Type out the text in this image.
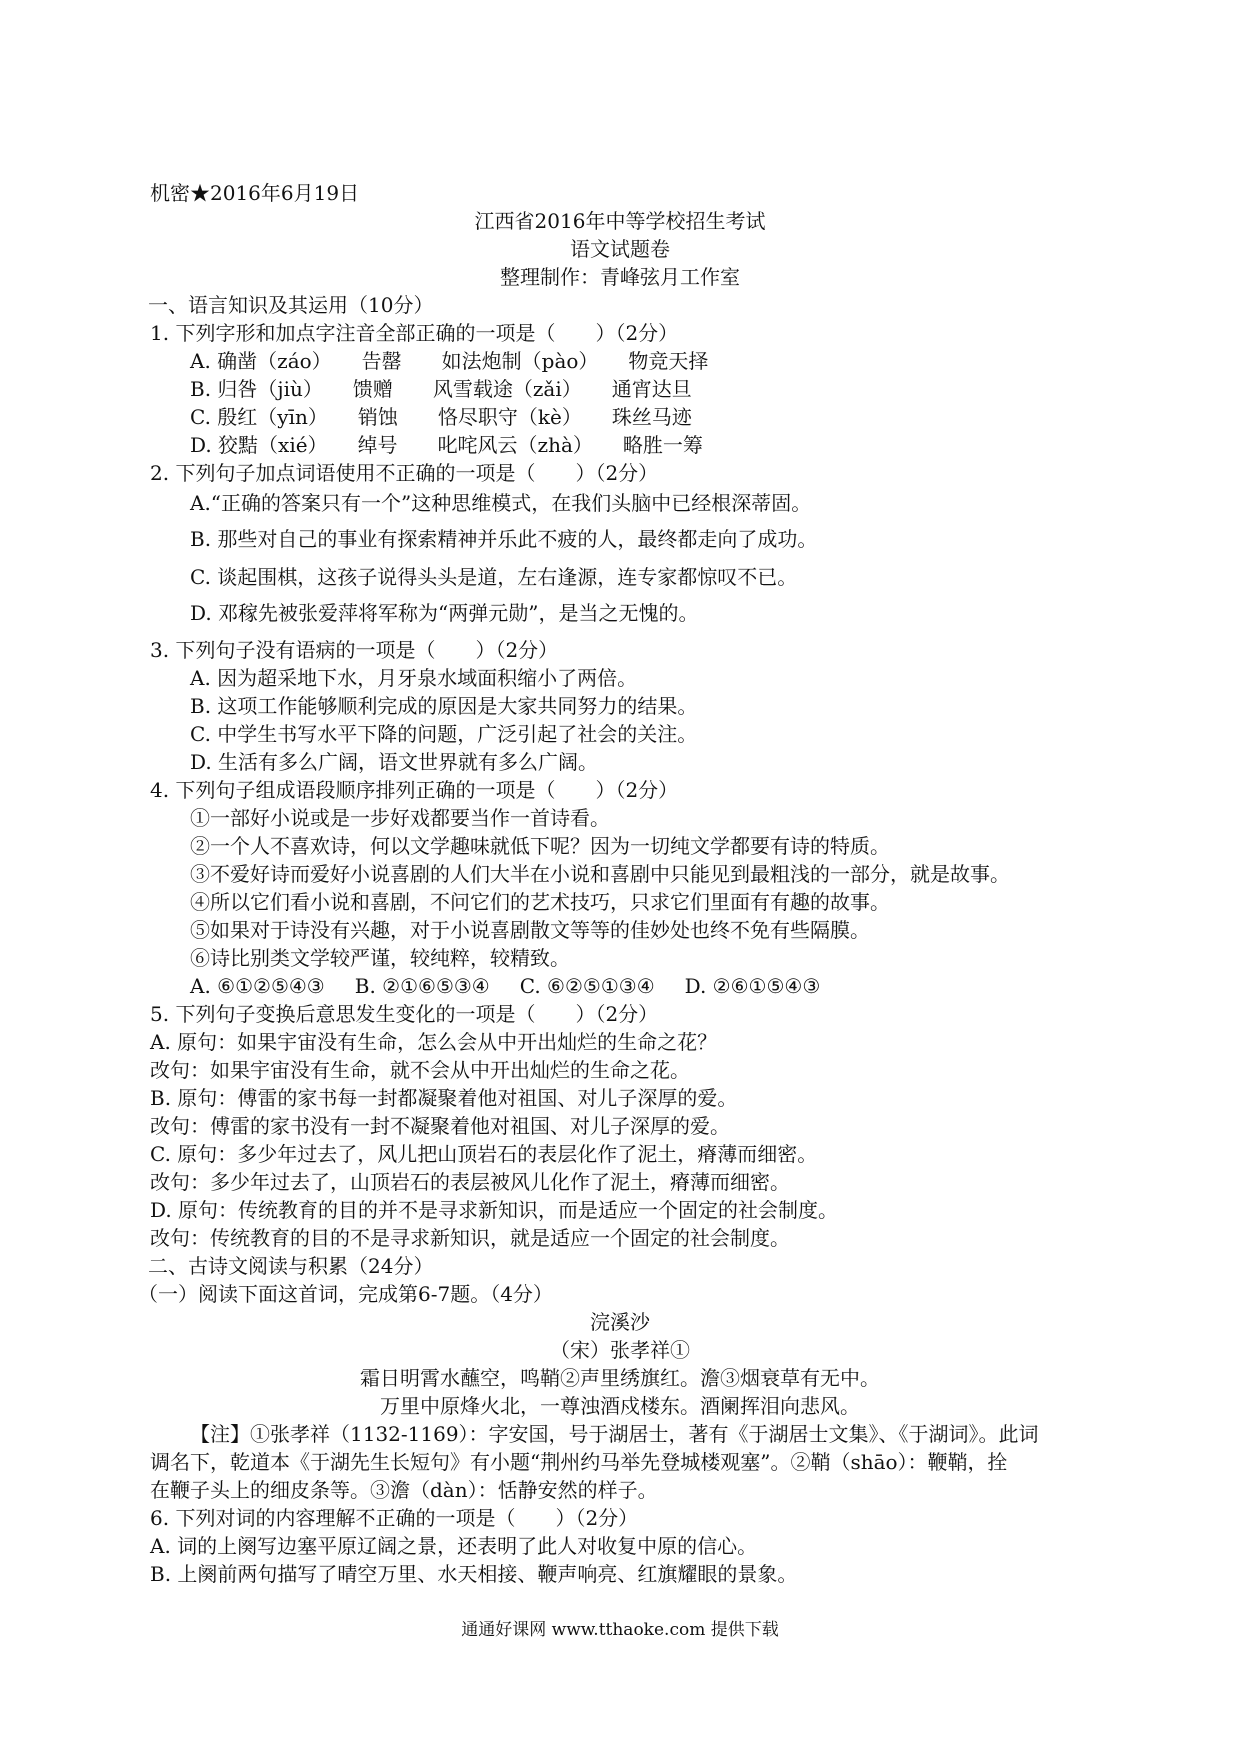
机密★2016年6月19日
江西省2016年中等学校招生考试
语文试题卷
整理制作：青峰弦月工作室
一、语言知识及其运用（10分）
1. 下列字形和加点字注音全部正确的一项是（　　）（2分）
A. 确凿（záo）　　告罄　　如法炮制（pào）　　物竞天择
B. 归咎（jiù）　　馈赠　　风雪载途（zǎi）　　通宵达旦
C. 殷红（yīn）　　销蚀　　恪尽职守（kè）　　珠丝马迹
D. 狡黠（xié）　　绰号　　叱咤风云（zhà）　　略胜一筹
2. 下列句子加点词语使用不正确的一项是（　　）（2分）
A.“正确的答案只有一个”这种思维模式，在我们头脑中已经根深蒂固。
B. 那些对自己的事业有探索精神并乐此不疲的人，最终都走向了成功。
C. 谈起围棋，这孩子说得头头是道，左右逢源，连专家都惊叹不已。
D. 邓稼先被张爱萍将军称为“两弹元勋”，是当之无愧的。
3. 下列句子没有语病的一项是（　　）（2分）
A. 因为超采地下水，月牙泉水域面积缩小了两倍。
B. 这项工作能够顺利完成的原因是大家共同努力的结果。
C. 中学生书写水平下降的问题，广泛引起了社会的关注。
D. 生活有多么广阔，语文世界就有多么广阔。
4. 下列句子组成语段顺序排列正确的一项是（　　）（2分）
①一部好小说或是一步好戏都要当作一首诗看。
②一个人不喜欢诗，何以文学趣味就低下呢？因为一切纯文学都要有诗的特质。
③不爱好诗而爱好小说喜剧的人们大半在小说和喜剧中只能见到最粗浅的一部分，就是故事。
④所以它们看小说和喜剧，不问它们的艺术技巧，只求它们里面有有趣的故事。
⑤如果对于诗没有兴趣，对于小说喜剧散文等等的佳妙处也终不免有些隔膜。
⑥诗比别类文学较严谨，较纯粹，较精致。
A. ⑥①②⑤④③ B. ②①⑥⑤③④ C. ⑥②⑤①③④ D. ②⑥①⑤④③
5. 下列句子变换后意思发生变化的一项是（　　）（2分）
A. 原句：如果宇宙没有生命，怎么会从中开出灿烂的生命之花？
改句：如果宇宙没有生命，就不会从中开出灿烂的生命之花。
B. 原句：傅雷的家书每一封都凝聚着他对祖国、对儿子深厚的爱。
改句：傅雷的家书没有一封不凝聚着他对祖国、对儿子深厚的爱。
C. 原句：多少年过去了，风儿把山顶岩石的表层化作了泥土，瘠薄而细密。
改句：多少年过去了，山顶岩石的表层被风儿化作了泥土，瘠薄而细密。
D. 原句：传统教育的目的并不是寻求新知识，而是适应一个固定的社会制度。
改句：传统教育的目的不是寻求新知识，就是适应一个固定的社会制度。
二、古诗文阅读与积累（24分）
（一）阅读下面这首词，完成第6-7题。（4分）
浣溪沙
（宋）张孝祥①
霜日明霄水蘸空，鸣鞘②声里绣旗红。澹③烟衰草有无中。
万里中原烽火北，一尊浊酒戍楼东。酒阑挥泪向悲风。
【注】①张孝祥（1132-1169）：字安国，号于湖居士，著有《于湖居士文集》、《于湖词》。此词
调名下，乾道本《于湖先生长短句》有小题“荆州约马举先登城楼观塞”。②鞘（shāo）：鞭鞘，拴
在鞭子头上的细皮条等。③澹（dàn）：恬静安然的样子。
6. 下列对词的内容理解不正确的一项是（　　）（2分）
A. 词的上阕写边塞平原辽阔之景，还表明了此人对收复中原的信心。
B. 上阕前两句描写了晴空万里、水天相接、鞭声响亮、红旗耀眼的景象。
通通好课网 www.tthaoke.com 提供下载
